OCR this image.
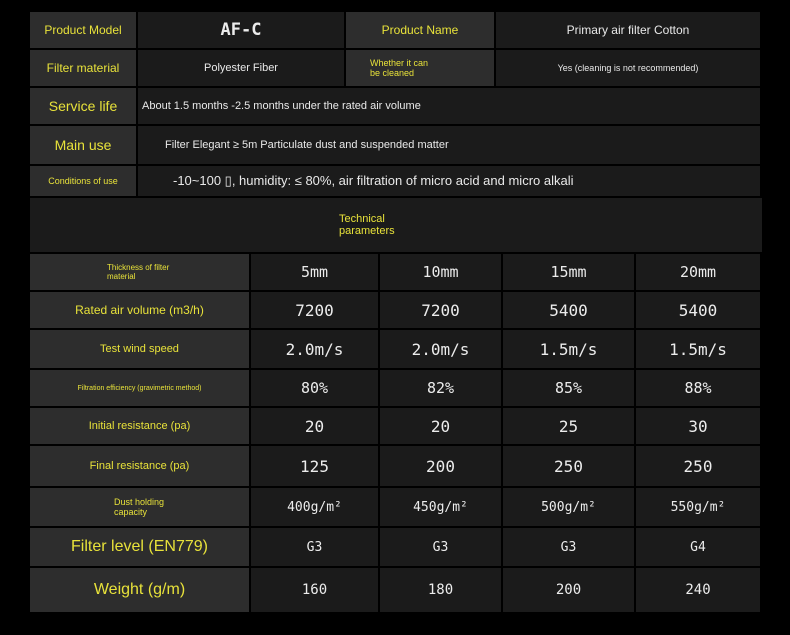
Product Model	AF-C	Product Name	Primary air filter Cotton
Filter material	Polyester Fiber	Whether it can be cleaned	Yes (cleaning is not recommended)
Service life	About 1.5 months -2.5 months under the rated air volume
Main use	Filter Elegant ≥ 5m Particulate dust and suspended matter
Conditions of use	-10~100 ▯, humidity: ≤ 80%, air filtration of micro acid and micro alkali
Technical parameters
Thickness of filter material	5mm	10mm	15mm	20mm
Rated air volume (m3/h)	7200	7200	5400	5400
Test wind speed	2.0m/s	2.0m/s	1.5m/s	1.5m/s
Filtration efficiency (gravimetric method)	80%	82%	85%	88%
Initial resistance (pa)	20	20	25	30
Final resistance (pa)	125	200	250	250
Dust holding capacity	400g/m²	450g/m²	500g/m²	550g/m²
Filter level (EN779)	G3	G3	G3	G4
Weight (g/m)	160	180	200	240
